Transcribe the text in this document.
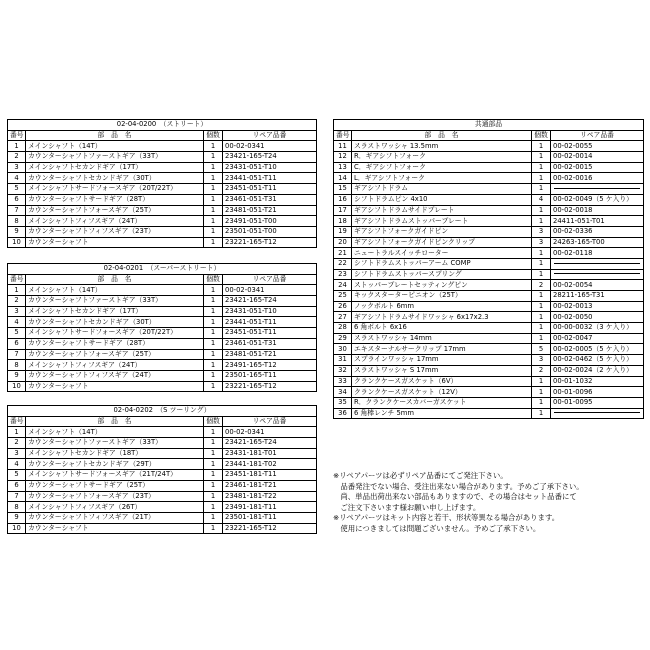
02-04-0200　（ストリート）			
番号	部　品　名	個数	リペア品番
1	メインシャフト（14T）	1	00-02-0341
2	カウンターシャフトファーストギア（33T）	1	23421-165-T24
3	メインシャフトセカンドギア（17T）	1	23431-051-T10
4	カウンターシャフトセカンドギア（30T）	1	23441-051-T11
5	メインシャフトサードフォースギア（20T/22T）	1	23451-051-T11
6	カウンターシャフトサードギア（28T）	1	23461-051-T31
7	カウンターシャフトフォースギア（25T）	1	23481-051-T21
8	メインシャフトフィフスギア（24T）	1	23491-051-T00
9	カウンターシャフトフィフスギア（23T）	1	23501-051-T00
10	カウンターシャフト	1	23221-165-T12
02-04-0201　（スーパーストリート）			
番号	部　品　名	個数	リペア品番
1	メインシャフト（14T）	1	00-02-0341
2	カウンターシャフトファーストギア（33T）	1	23421-165-T24
3	メインシャフトセカンドギア（17T）	1	23431-051-T10
4	カウンターシャフトセカンドギア（30T）	1	23441-051-T11
5	メインシャフトサードフォースギア（20T/22T）	1	23451-051-T11
6	カウンターシャフトサードギア（28T）	1	23461-051-T31
7	カウンターシャフトフォースギア（25T）	1	23481-051-T21
8	メインシャフトフィフスギア（24T）	1	23491-165-T12
9	カウンターシャフトフィフスギア（24T）	1	23501-165-T11
10	カウンターシャフト	1	23221-165-T12
02-04-0202　（S ツーリング）			
番号	部　品　名	個数	リペア品番
1	メインシャフト（14T）	1	00-02-0341
2	カウンターシャフトファーストギア（33T）	1	23421-165-T24
3	メインシャフトセカンドギア（18T）	1	23431-181-T01
4	カウンターシャフトセカンドギア（29T）	1	23441-181-T02
5	メインシャフトサードフォースギア（21T/24T）	1	23451-181-T11
6	カウンターシャフトサードギア（25T）	1	23461-181-T21
7	カウンターシャフトフォースギア（23T）	1	23481-181-T22
8	メインシャフトフィフスギア（26T）	1	23491-181-T11
9	カウンターシャフトフィフスギア（21T）	1	23501-181-T11
10	カウンターシャフト	1	23221-165-T12
共通部品			
番号	部　品　名	個数	リペア品番
11	スラストワッシャ 13.5mm	1	00-02-0055
12	R．ギアシフトフォーク	1	00-02-0014
13	C．ギアシフトフォーク	1	00-02-0015
14	L．ギアシフトフォーク	1	00-02-0016
15	ギアシフトドラム	1	
16	シフトドラムピン 4x10	4	00-02-0049（5 ケ入り）
17	ギアシフトドラムサイドプレート	1	00-02-0018
18	ギアシフトドラムストッパープレート	1	24411-051-T01
19	ギアシフトフォークガイドピン	3	00-02-0336
20	ギアシフトフォークガイドピンクリップ	3	24263-165-T00
21	ニュートラルスイッチローター	1	00-02-0118
22	シフトドラムストッパーアーム COMP	1	
23	シフトドラムストッパースプリング	1	
24	ストッパープレートセッティングピン	2	00-02-0054
25	キックスターターピニオン（25T）	1	28211-165-T31
26	ノックボルト 6mm	1	00-02-0013
27	ギアシフトドラムサイドワッシャ 6x17x2.3	1	00-02-0050
28	6 角ボルト 6x16	1	00-00-0032（3 ケ入り）
29	スラストワッシャ 14mm	1	00-02-0047
30	エキスターナルサークリップ 17mm	5	00-02-0005（5 ケ入り）
31	スプラインワッシャ 17mm	3	00-02-0462（5 ケ入り）
32	スラストワッシャ S 17mm	2	00-02-0024（2 ケ入り）
33	クランクケースガスケット（6V）	1	00-01-1032
34	クランクケースガスケット（12V）	1	00-01-0096
35	R．クランクケースカバーガスケット	1	00-01-0095
36	6 角棒レンチ 5mm	1	

※リペアパーツは必ずリペア品番にてご発注下さい。

　品番発注でない場合、受注出来ない場合があります。予めご了承下さい。

　尚、単品出荷出来ない部品もありますので、その場合はセット品番にて

　ご注文下さいます様お願い申し上げます。

※リペアパーツはキット内容と若干、形状等異なる場合があります。

　使用につきましては問題ございません。予めご了承下さい。
